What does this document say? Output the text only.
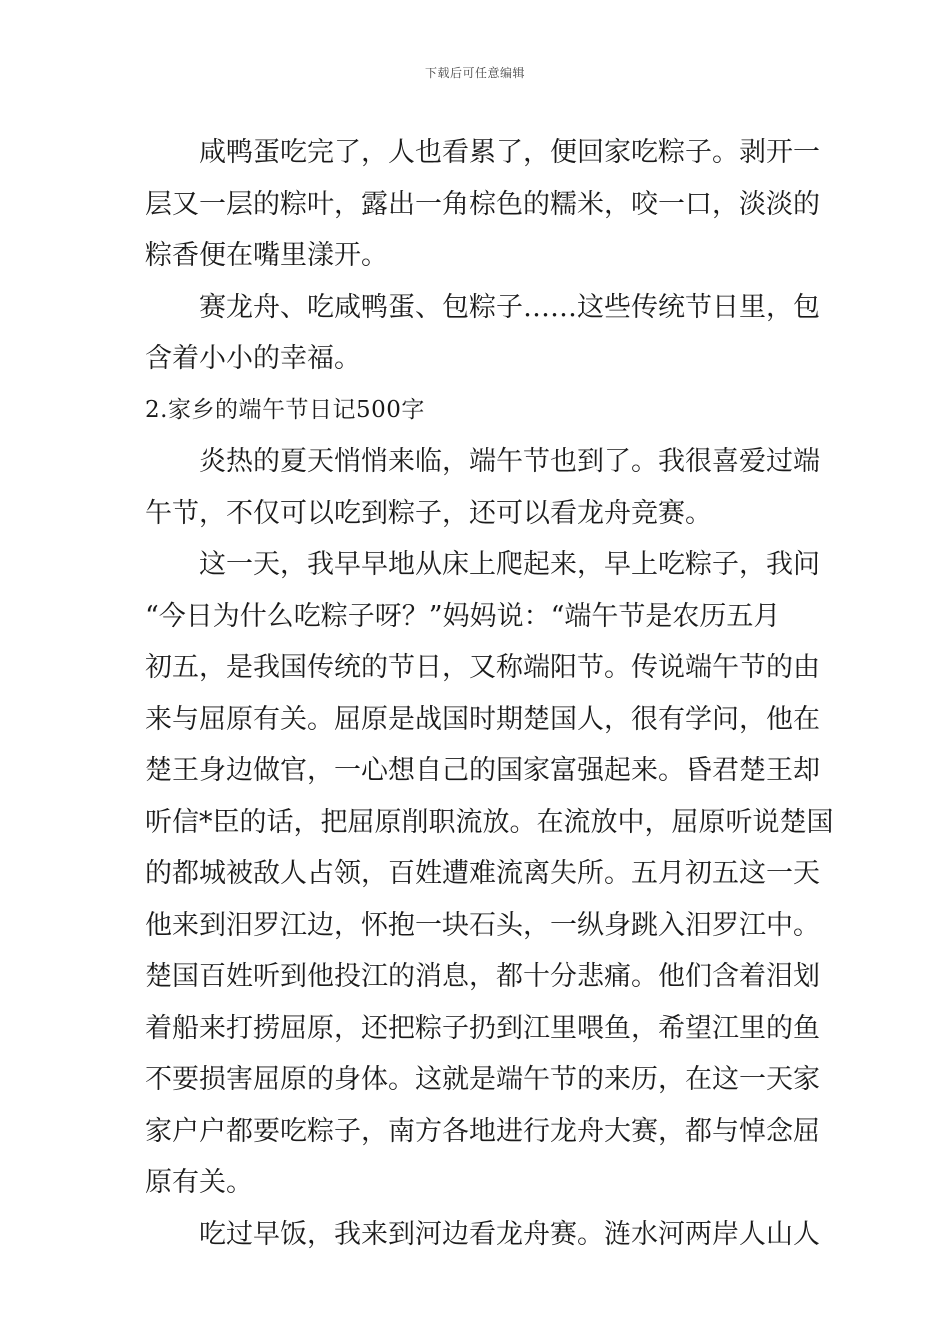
下载后可任意编辑
咸鸭蛋吃完了，人也看累了，便回家吃粽子。剥开一
层又一层的粽叶，露出一角棕色的糯米，咬一口，淡淡的
粽香便在嘴里漾开。
赛龙舟、吃咸鸭蛋、包粽子……这些传统节日里，包
含着小小的幸福。
2.家乡的端午节日记500字
炎热的夏天悄悄来临，端午节也到了。我很喜爱过端
午节，不仅可以吃到粽子，还可以看龙舟竞赛。
这一天，我早早地从床上爬起来，早上吃粽子，我问
“今日为什么吃粽子呀？”妈妈说：“端午节是农历五月
初五，是我国传统的节日，又称端阳节。传说端午节的由
来与屈原有关。屈原是战国时期楚国人，很有学问，他在
楚王身边做官，一心想自己的国家富强起来。昏君楚王却
听信*臣的话，把屈原削职流放。在流放中，屈原听说楚国
的都城被敌人占领，百姓遭难流离失所。五月初五这一天
他来到汨罗江边，怀抱一块石头，一纵身跳入汨罗江中。
楚国百姓听到他投江的消息，都十分悲痛。他们含着泪划
着船来打捞屈原，还把粽子扔到江里喂鱼，希望江里的鱼
不要损害屈原的身体。这就是端午节的来历，在这一天家
家户户都要吃粽子，南方各地进行龙舟大赛，都与悼念屈
原有关。
吃过早饭，我来到河边看龙舟赛。涟水河两岸人山人
